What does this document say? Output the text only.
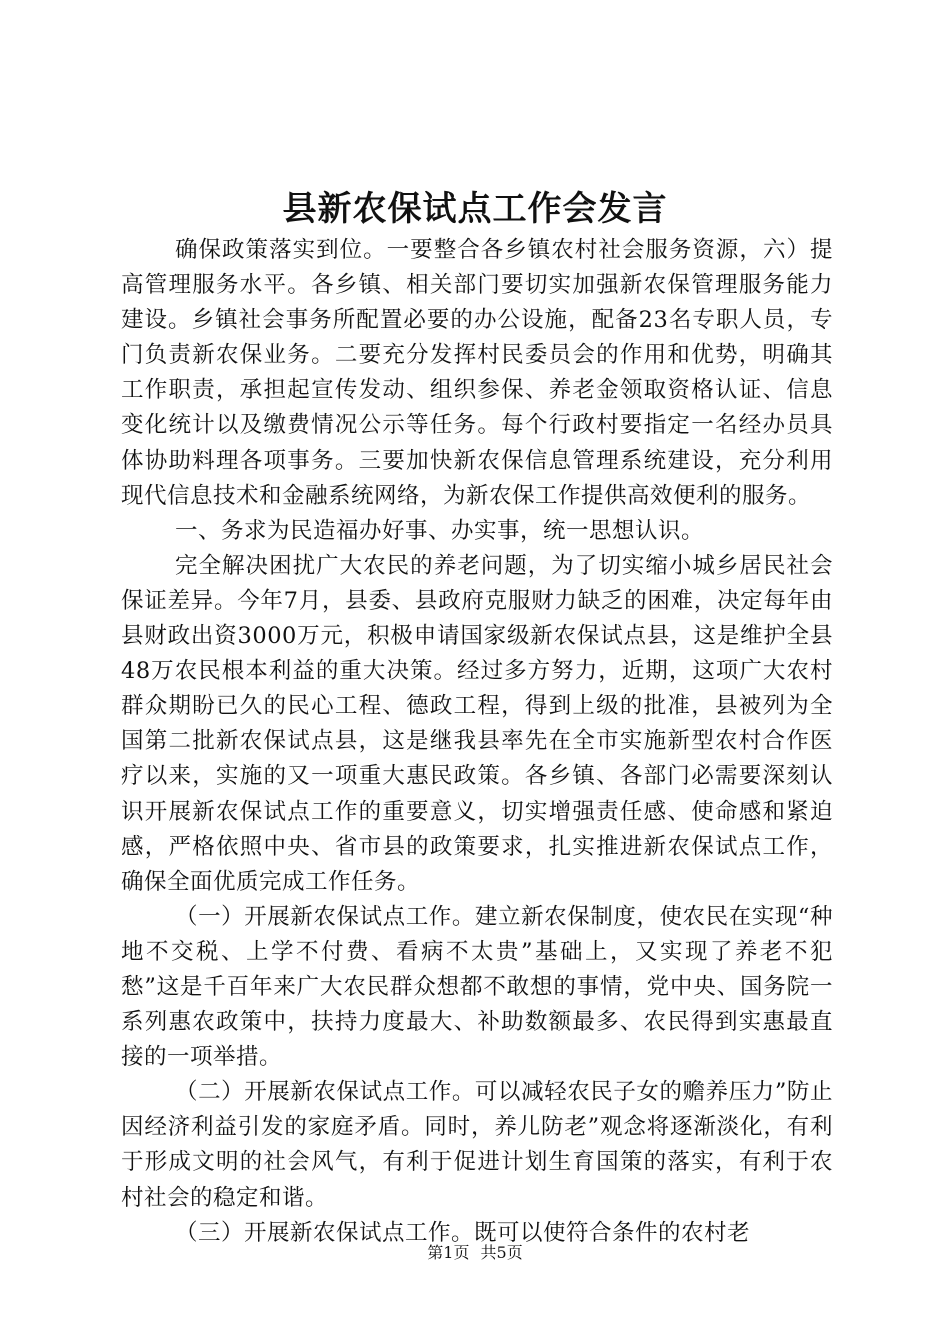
县新农保试点工作会发言

确保政策落实到位。一要整合各乡镇农村社会服务资源，六）提高管理服务水平。各乡镇、相关部门要切实加强新农保管理服务能力建设。乡镇社会事务所配置必要的办公设施，配备23名专职人员，专门负责新农保业务。二要充分发挥村民委员会的作用和优势，明确其工作职责，承担起宣传发动、组织参保、养老金领取资格认证、信息变化统计以及缴费情况公示等任务。每个行政村要指定一名经办员具体协助料理各项事务。三要加快新农保信息管理系统建设，充分利用现代信息技术和金融系统网络，为新农保工作提供高效便利的服务。

一、务求为民造福办好事、办实事，统一思想认识。

完全解决困扰广大农民的养老问题，为了切实缩小城乡居民社会保证差异。今年7月，县委、县政府克服财力缺乏的困难，决定每年由县财政出资3000万元，积极申请国家级新农保试点县，这是维护全县48万农民根本利益的重大决策。经过多方努力，近期，这项广大农村群众期盼已久的民心工程、德政工程，得到上级的批准，县被列为全国第二批新农保试点县，这是继我县率先在全市实施新型农村合作医疗以来，实施的又一项重大惠民政策。各乡镇、各部门必需要深刻认识开展新农保试点工作的重要意义，切实增强责任感、使命感和紧迫感，严格依照中央、省市县的政策要求，扎实推进新农保试点工作，确保全面优质完成工作任务。

（一）开展新农保试点工作。建立新农保制度，使农民在实现“种地不交税、上学不付费、看病不太贵”基础上，又实现了养老不犯愁”这是千百年来广大农民群众想都不敢想的事情，党中央、国务院一系列惠农政策中，扶持力度最大、补助数额最多、农民得到实惠最直接的一项举措。

（二）开展新农保试点工作。可以减轻农民子女的赡养压力”防止因经济利益引发的家庭矛盾。同时，养儿防老”观念将逐渐淡化，有利于形成文明的社会风气，有利于促进计划生育国策的落实，有利于农村社会的稳定和谐。

（三）开展新农保试点工作。既可以使符合条件的农村老

第1页 共5页
